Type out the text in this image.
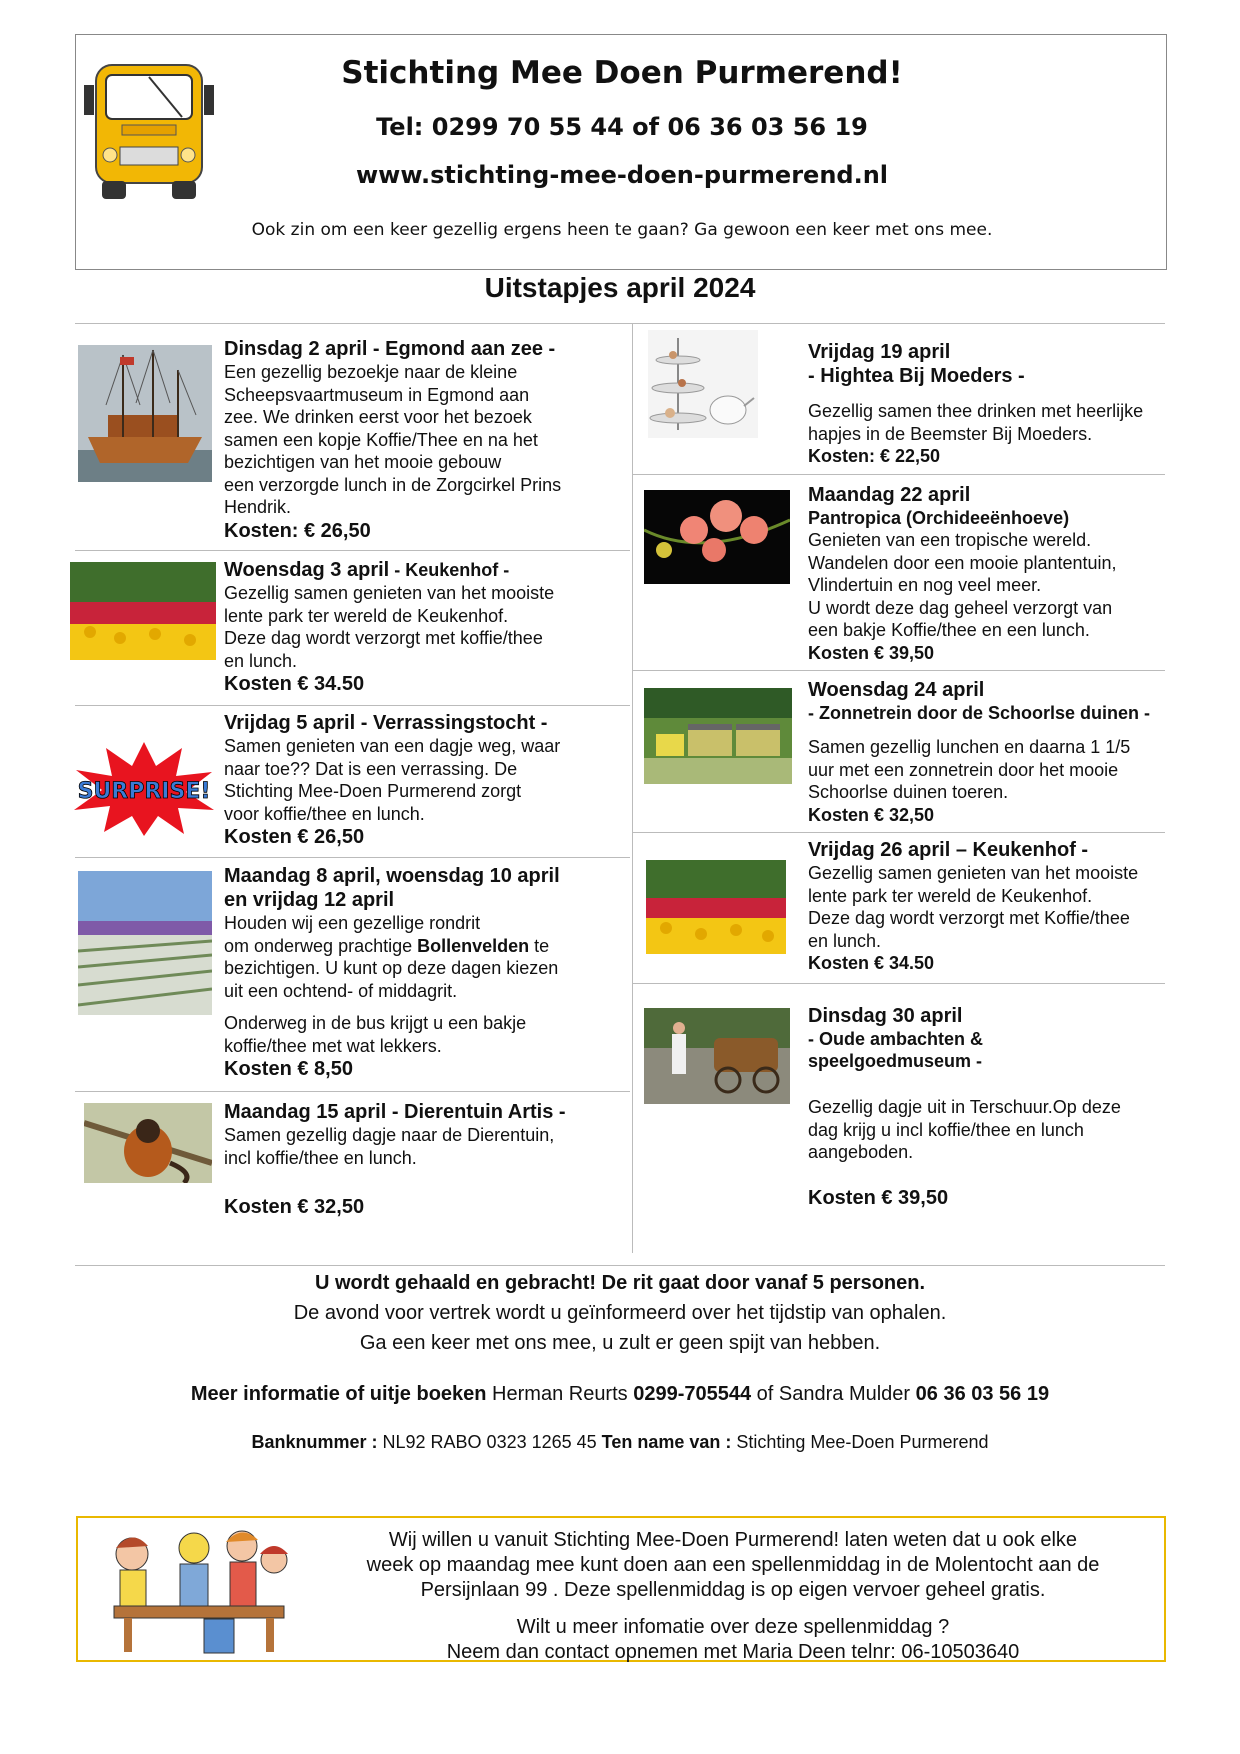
Stichting Mee Doen Purmerend!
Tel: 0299 70 55 44 of 06 36 03 56 19
www.stichting-mee-doen-purmerend.nl
Ook zin om een keer gezellig ergens heen te gaan? Ga gewoon een keer met ons mee.
Uitstapjes april 2024

Dinsdag 2 april - Egmond aan zee -

Een gezellig bezoekje naar de kleine

Scheepsvaartmuseum in Egmond aan

zee. We drinken eerst voor het bezoek

samen een kopje Koffie/Thee en na het

bezichtigen van het mooie gebouw

een verzorgde lunch in de Zorgcirkel Prins

Hendrik.

Kosten: € 26,50

Woensdag 3 april - Keukenhof -

Gezellig samen genieten van het mooiste

lente park ter wereld de Keukenhof.

Deze dag wordt verzorgt met koffie/thee

en lunch.

Kosten € 34.50

SURPRISE!

Vrijdag 5 april - Verrassingstocht -

Samen genieten van een dagje weg, waar

naar toe?? Dat is een verrassing. De

Stichting Mee-Doen Purmerend zorgt

voor koffie/thee en lunch.

Kosten € 26,50

Maandag 8 april, woensdag 10 april

en vrijdag 12 april

Houden wij een gezellige rondrit

om onderweg prachtige Bollenvelden te

bezichtigen. U kunt op deze dagen kiezen

uit een ochtend- of middagrit.

Onderweg in de bus krijgt u een bakje

koffie/thee met wat lekkers.

Kosten € 8,50

Maandag 15 april - Dierentuin Artis -

Samen gezellig dagje naar de Dierentuin,

incl koffie/thee en lunch.

Kosten € 32,50

Vrijdag 19 april

- Hightea Bij Moeders -

Gezellig samen thee drinken met heerlijke

hapjes in de Beemster Bij Moeders.

Kosten: € 22,50

Maandag 22 april

Pantropica (Orchideeënhoeve)

Genieten van een tropische wereld.

Wandelen door een mooie plantentuin,

Vlindertuin en nog veel meer.

U wordt deze dag geheel verzorgt van

een bakje Koffie/thee en een lunch.

Kosten € 39,50

Woensdag 24 april

- Zonnetrein door de Schoorlse duinen -

Samen gezellig lunchen en daarna 1 1/5

uur met een zonnetrein door het mooie

Schoorlse duinen toeren.

Kosten € 32,50

Vrijdag 26 april – Keukenhof -

Gezellig samen genieten van het mooiste

lente park ter wereld de Keukenhof.

Deze dag wordt verzorgt met Koffie/thee

en lunch.

Kosten € 34.50

Dinsdag 30 april

- Oude ambachten &

speelgoedmuseum -

Gezellig dagje uit in Terschuur.Op deze

dag krijg u incl koffie/thee en lunch

aangeboden.

Kosten € 39,50

U wordt gehaald en gebracht! De rit gaat door vanaf 5 personen.
De avond voor vertrek wordt u geïnformeerd over het tijdstip van ophalen.
Ga een keer met ons mee, u zult er geen spijt van hebben.
Meer informatie of uitje boeken Herman Reurts 0299-705544 of Sandra Mulder 06 36 03 56 19
Banknummer : NL92 RABO 0323 1265 45 Ten name van : Stichting Mee-Doen Purmerend
Wij willen u vanuit Stichting Mee-Doen Purmerend! laten weten dat u ook elke
week op maandag mee kunt doen aan een spellenmiddag in de Molentocht aan de
Persijnlaan 99 . Deze spellenmiddag is op eigen vervoer geheel gratis.
Wilt u meer infomatie over deze spellenmiddag ?
Neem dan contact opnemen met Maria Deen telnr: 06-10503640
